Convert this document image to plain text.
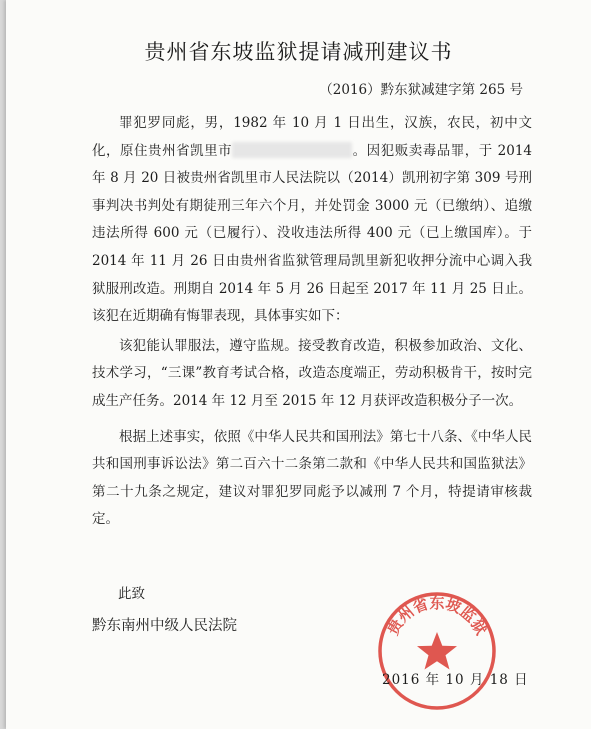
贵州省东坡监狱提请减刑建议书
（2016）黔东狱减建字第 265 号

罪犯罗同彪，男，1982 年 10 月 1 日出生，汉族，农民，初中文化，原住贵州省凯里市	。因犯贩卖毒品罪，于 2014 年 8 月 20 日被贵州省凯里市人民法院以（2014）凯刑初字第 309 号刑事判决书判处有期徒刑三年六个月，并处罚金 3000 元（已缴纳）、追缴违法所得 600 元（已履行）、没收违法所得 400 元（已上缴国库）。于 2014 年 11 月 26 日由贵州省监狱管理局凯里新犯收押分流中心调入我狱服刑改造。刑期自 2014 年 5 月 26 日起至 2017 年 11 月 25 日止。该犯在近期确有悔罪表现，具体事实如下：

该犯能认罪服法，遵守监规。接受教育改造，积极参加政治、文化、技术学习，“三课”教育考试合格，改造态度端正，劳动积极肯干，按时完成生产任务。2014 年 12 月至 2015 年 12 月获评改造积极分子一次。

根据上述事实，依照《中华人民共和国刑法》第七十八条、《中华人民共和国刑事诉讼法》第二百六十二条第二款和《中华人民共和国监狱法》第二十九条之规定，建议对罪犯罗同彪予以减刑 7 个月，特提请审核裁定。

此致
黔东南州中级人民法院	贵州省东坡监狱
2016 年 10 月 18 日
